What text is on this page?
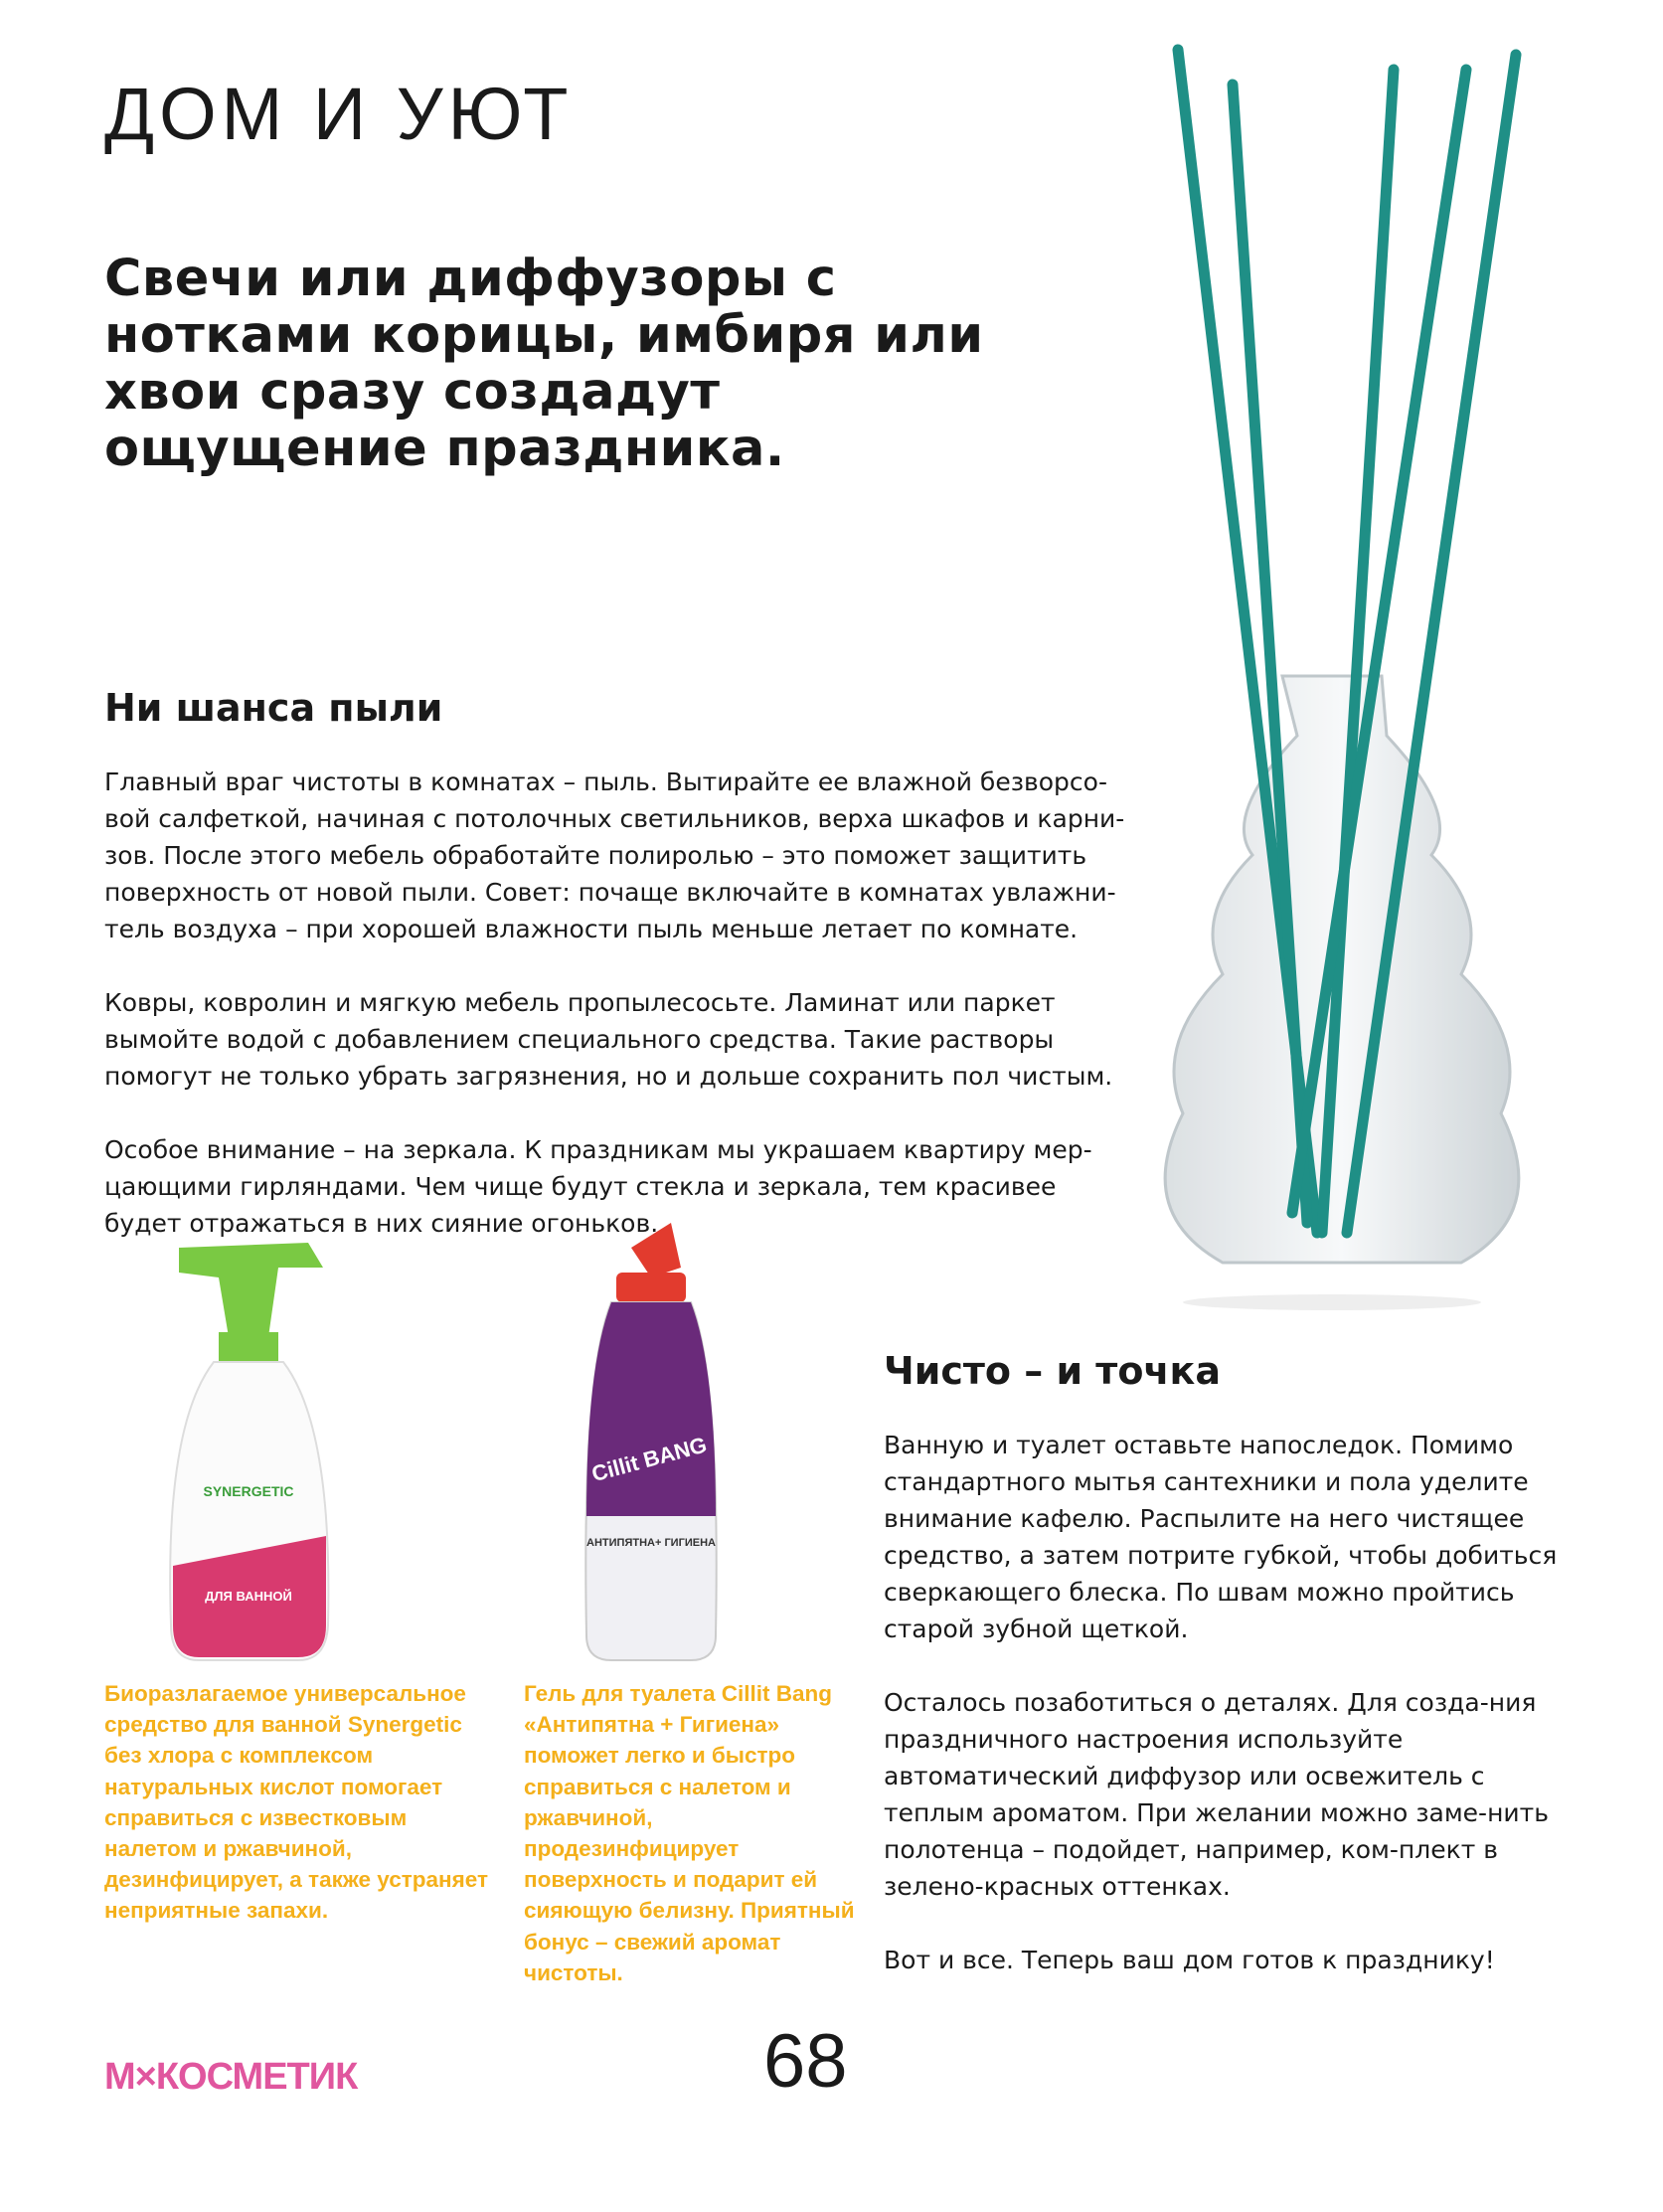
ДОМ И УЮТ
Свечи или диффузоры с нотками корицы, имбиря или хвои сразу создадут ощущение праздника.
Ни шанса пыли

Главный враг чистоты в комнатах – пыль. Вытирайте ее влажной безворсо-вой салфеткой, начиная с потолочных светильников, верха шкафов и карни-зов. После этого мебель обработайте полиролью – это поможет защитить поверхность от новой пыли. Совет: почаще включайте в комнатах увлажни-тель воздуха – при хорошей влажности пыль меньше летает по комнате.

Ковры, ковролин и мягкую мебель пропылесосьте. Ламинат или паркет вымойте водой с добавлением специального средства. Такие растворы помогут не только убрать загрязнения, но и дольше сохранить пол чистым.

Особое внимание – на зеркала. К праздникам мы украшаем квартиру мер-цающими гирляндами. Чем чище будут стекла и зеркала, тем красивее будет отражаться в них сияние огоньков.

Чисто – и точка

Ванную и туалет оставьте напоследок. Помимо стандартного мытья сантехники и пола уделите внимание кафелю. Распылите на него чистящее средство, а затем потрите губкой, чтобы добиться сверкающего блеска. По швам можно пройтись старой зубной щеткой.

Осталось позаботиться о деталях. Для созда-ния праздничного настроения используйте автоматический диффузор или освежитель с теплым ароматом. При желании можно заме-нить полотенца – подойдет, например, ком-плект в зелено-красных оттенках.

Вот и все. Теперь ваш дом готов к празднику!

SYNERGETIC
ДЛЯ ВАННОЙ
Cillit BANG
АНТИПЯТНА+ ГИГИЕНА
Биоразлагаемое универсальное средство для ванной Synergetic без хлора с комплексом натуральных кислот помогает справиться с известковым налетом и ржавчиной, дезинфицирует, а также устраняет неприятные запахи.
Гель для туалета Cillit Bang «Антипятна + Гигиена» поможет легко и быстро справиться с налетом и ржавчиной, продезинфицирует поверхность и подарит ей сияющую белизну. Приятный бонус – свежий аромат чистоты.
М×КОСМЕТИК	68
